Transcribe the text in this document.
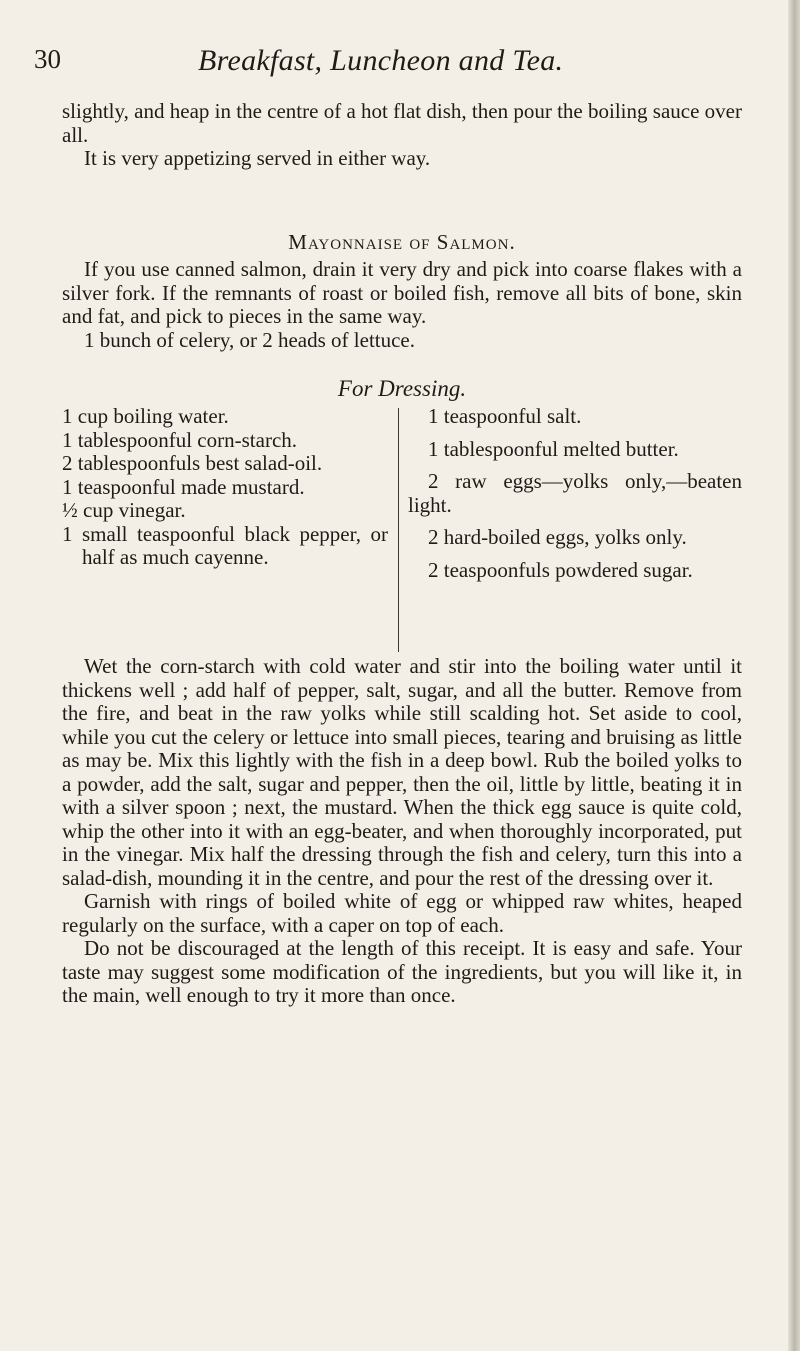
30	Breakfast, Luncheon and Tea.

slightly, and heap in the centre of a hot flat dish, then pour the boiling sauce over all.

It is very appetizing served in either way.

Mayonnaise of Salmon.

If you use canned salmon, drain it very dry and pick into coarse flakes with a silver fork. If the remnants of roast or boiled fish, remove all bits of bone, skin and fat, and pick to pieces in the same way.

1 bunch of celery, or 2 heads of lettuce.

For Dressing.

1 cup boiling water.

1 tablespoonful corn-starch.

2 tablespoonfuls best salad-oil.

1 teaspoonful made mustard.

½ cup vinegar.

1 small teaspoonful black pepper, or half as much cayenne.

1 teaspoonful salt.

1 tablespoonful melted butter.

2 raw eggs—yolks only,—beaten light.

2 hard-boiled eggs, yolks only.

2 teaspoonfuls powdered sugar.

Wet the corn-starch with cold water and stir into the boiling water until it thickens well ; add half of pepper, salt, sugar, and all the butter. Remove from the fire, and beat in the raw yolks while still scalding hot. Set aside to cool, while you cut the celery or lettuce into small pieces, tearing and bruising as little as may be. Mix this lightly with the fish in a deep bowl. Rub the boiled yolks to a powder, add the salt, sugar and pepper, then the oil, little by little, beating it in with a silver spoon ; next, the mustard. When the thick egg sauce is quite cold, whip the other into it with an egg-beater, and when thoroughly incorporated, put in the vinegar. Mix half the dressing through the fish and celery, turn this into a salad-dish, mounding it in the centre, and pour the rest of the dressing over it.

Garnish with rings of boiled white of egg or whipped raw whites, heaped regularly on the surface, with a caper on top of each.

Do not be discouraged at the length of this receipt. It is easy and safe. Your taste may suggest some modification of the ingredients, but you will like it, in the main, well enough to try it more than once.
